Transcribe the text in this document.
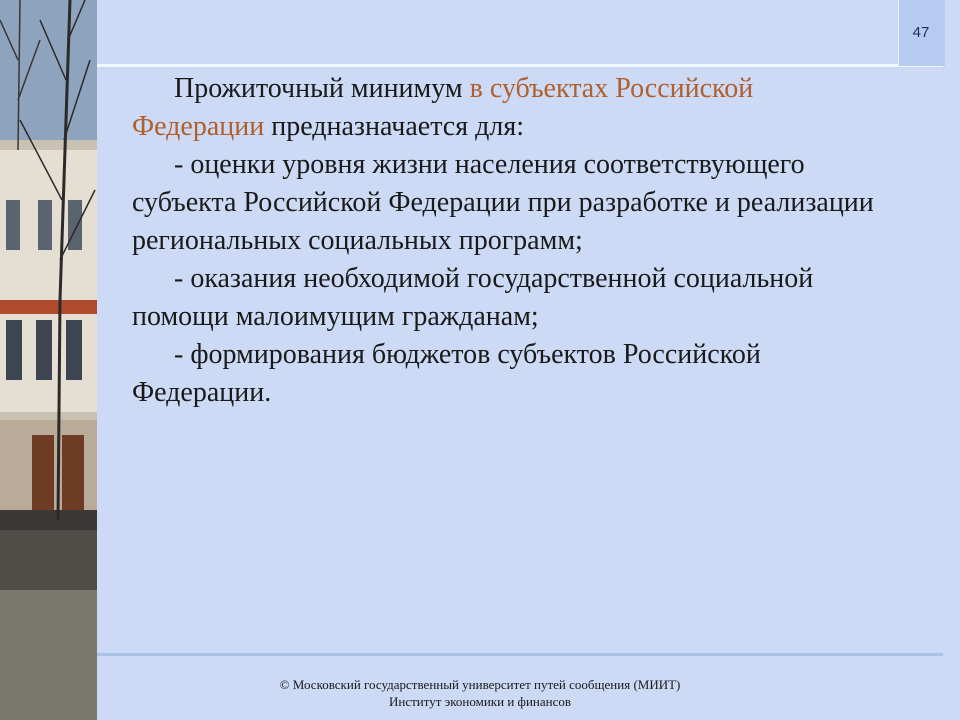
47

Прожиточный минимум в субъектах Российской Федерации предназначается для:

- оценки уровня жизни населения соответствующего субъекта Российской Федерации при разработке и реализации региональных социальных программ;

- оказания необходимой государственной социальной помощи малоимущим гражданам;

- формирования бюджетов субъектов Российской Федерации.

© Московский государственный университет путей сообщения (МИИТ)
Институт экономики и финансов
